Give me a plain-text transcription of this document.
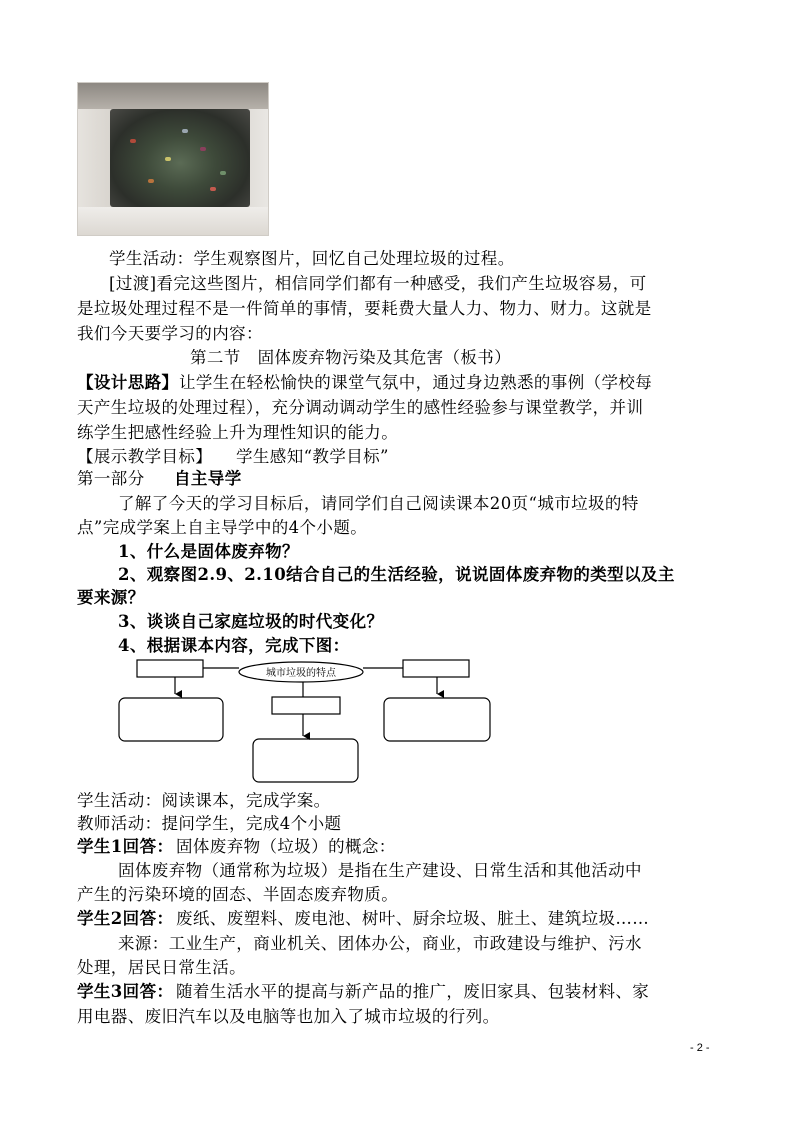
学生活动：学生观察图片，回忆自己处理垃圾的过程。
[过渡]看完这些图片，相信同学们都有一种感受，我们产生垃圾容易，可
是垃圾处理过程不是一件简单的事情，要耗费大量人力、物力、财力。这就是
我们今天要学习的内容：
第二节　固体废弃物污染及其危害（板书）
【设计思路】 让学生在轻松愉快的课堂气氛中，通过身边熟悉的事例（学校每
天产生垃圾的处理过程），充分调动调动学生的感性经验参与课堂教学，并训
练学生把感性经验上升为理性知识的能力。
【展示教学目标】 学生感知“教学目标”
第一部分 自主导学
了解了今天的学习目标后，请同学们自己阅读课本20页“城市垃圾的特
点”完成学案上自主导学中的4个小题。
1、什么是固体废弃物？
2、观察图2.9、2.10结合自己的生活经验，说说固体废弃物的类型以及主
要来源？
3、谈谈自己家庭垃圾的时代变化？
4、根据课本内容，完成下图：
城市垃圾的特点
学生活动：阅读课本，完成学案。
教师活动：提问学生，完成4个小题
学生1回答： 固体废弃物（垃圾）的概念：
固体废弃物（通常称为垃圾）是指在生产建设、日常生活和其他活动中
产生的污染环境的固态、半固态废弃物质。
学生2回答： 废纸、废塑料、废电池、树叶、厨余垃圾、脏土、建筑垃圾……
来源：工业生产，商业机关、团体办公，商业，市政建设与维护、污水
处理，居民日常生活。
学生3回答： 随着生活水平的提高与新产品的推广，废旧家具、包装材料、家
用电器、废旧汽车以及电脑等也加入了城市垃圾的行列。
- 2 -
